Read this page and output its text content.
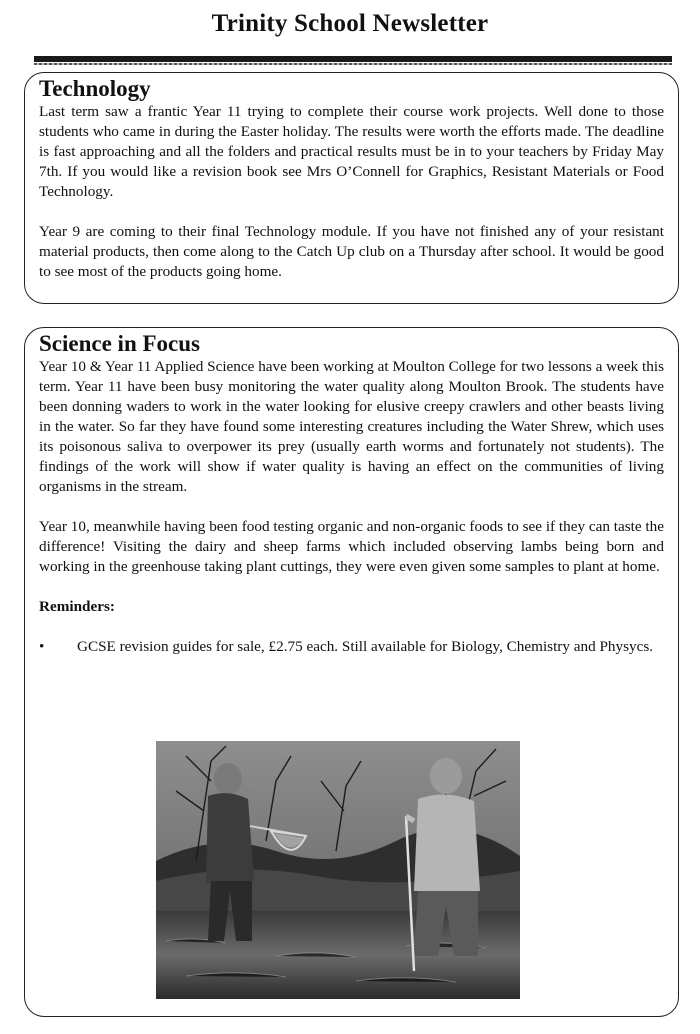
Trinity School Newsletter
Technology

Last term saw a frantic Year 11 trying to complete their course work projects. Well done to those students who came in during the Easter holiday. The results were worth the efforts made. The deadline is fast approaching and all the folders and practical results must be in to your teachers by Friday May 7th. If you would like a revision book see Mrs O’Connell for Graphics, Resistant Materials or Food Technology.

Year 9 are coming to their final Technology module. If you have not finished any of your resistant material products, then come along to the Catch Up club on a Thursday after school. It would be good to see most of the products going home.

Science in Focus

Year 10 & Year 11 Applied Science have been working at Moulton College for two lessons a week this term. Year 11 have been busy monitoring the water quality along Moulton Brook. The students have been donning waders to work in the water looking for elusive creepy crawlers and other beasts living in the water. So far they have found some interesting creatures including the Water Shrew, which uses its poisonous saliva to overpower its prey (usually earth worms and fortunately not students). The findings of the work will show if water quality is having an effect on the communities of living organisms in the stream.

Year 10, meanwhile having been food testing organic and non-organic foods to see if they can taste the difference! Visiting the dairy and sheep farms which included observing lambs being born and working in the greenhouse taking plant cuttings, they were even given some samples to plant at home.

Reminders:
•	GCSE revision guides for sale, £2.75 each. Still available for Biology, Chemistry and Physycs.
